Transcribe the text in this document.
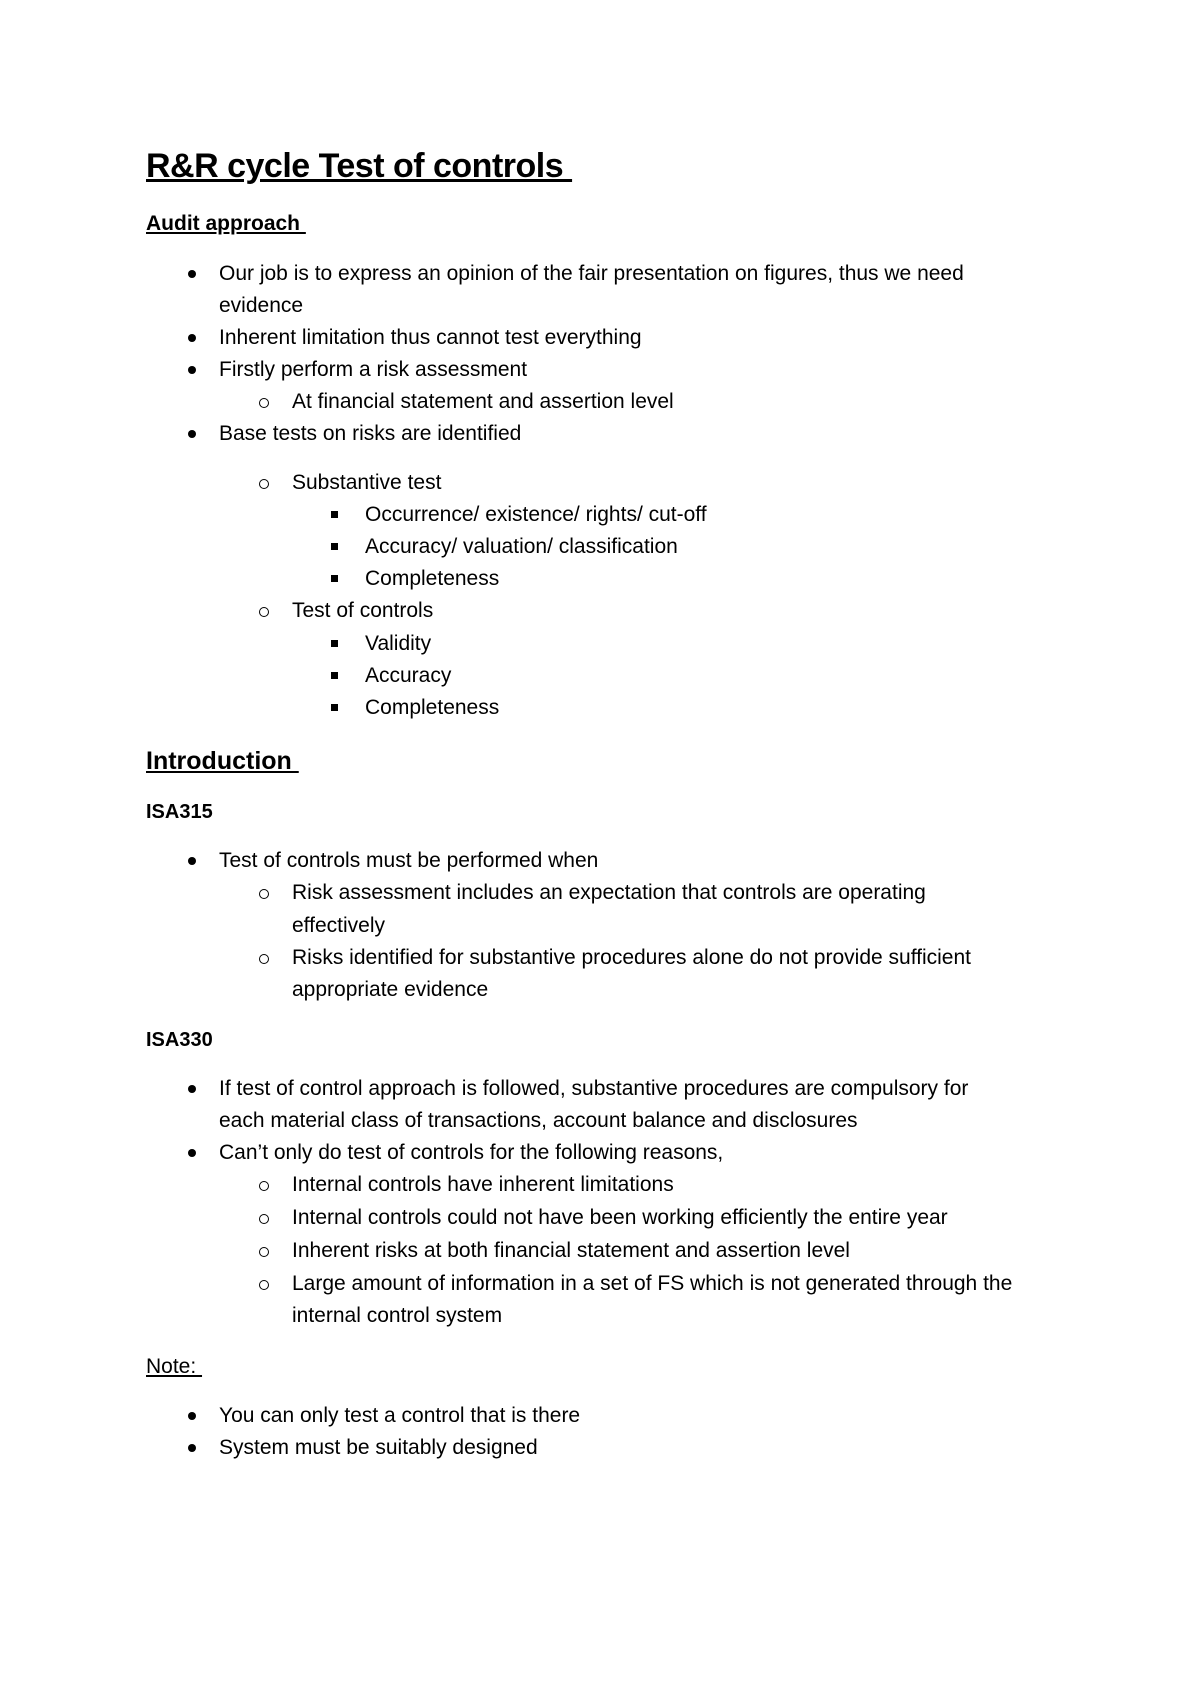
R&R cycle Test of controls
Audit approach
Our job is to express an opinion of the fair presentation on figures, thus we need
evidence
Inherent limitation thus cannot test everything
Firstly perform a risk assessment
At financial statement and assertion level
Base tests on risks are identified
Substantive test
Occurrence/ existence/ rights/ cut-off
Accuracy/ valuation/ classification
Completeness
Test of controls
Validity
Accuracy
Completeness
Introduction
ISA315
Test of controls must be performed when
Risk assessment includes an expectation that controls are operating
effectively
Risks identified for substantive procedures alone do not provide sufficient
appropriate evidence
ISA330
If test of control approach is followed, substantive procedures are compulsory for
each material class of transactions, account balance and disclosures
Can’t only do test of controls for the following reasons,
Internal controls have inherent limitations
Internal controls could not have been working efficiently the entire year
Inherent risks at both financial statement and assertion level
Large amount of information in a set of FS which is not generated through the
internal control system
Note:
You can only test a control that is there
System must be suitably designed
